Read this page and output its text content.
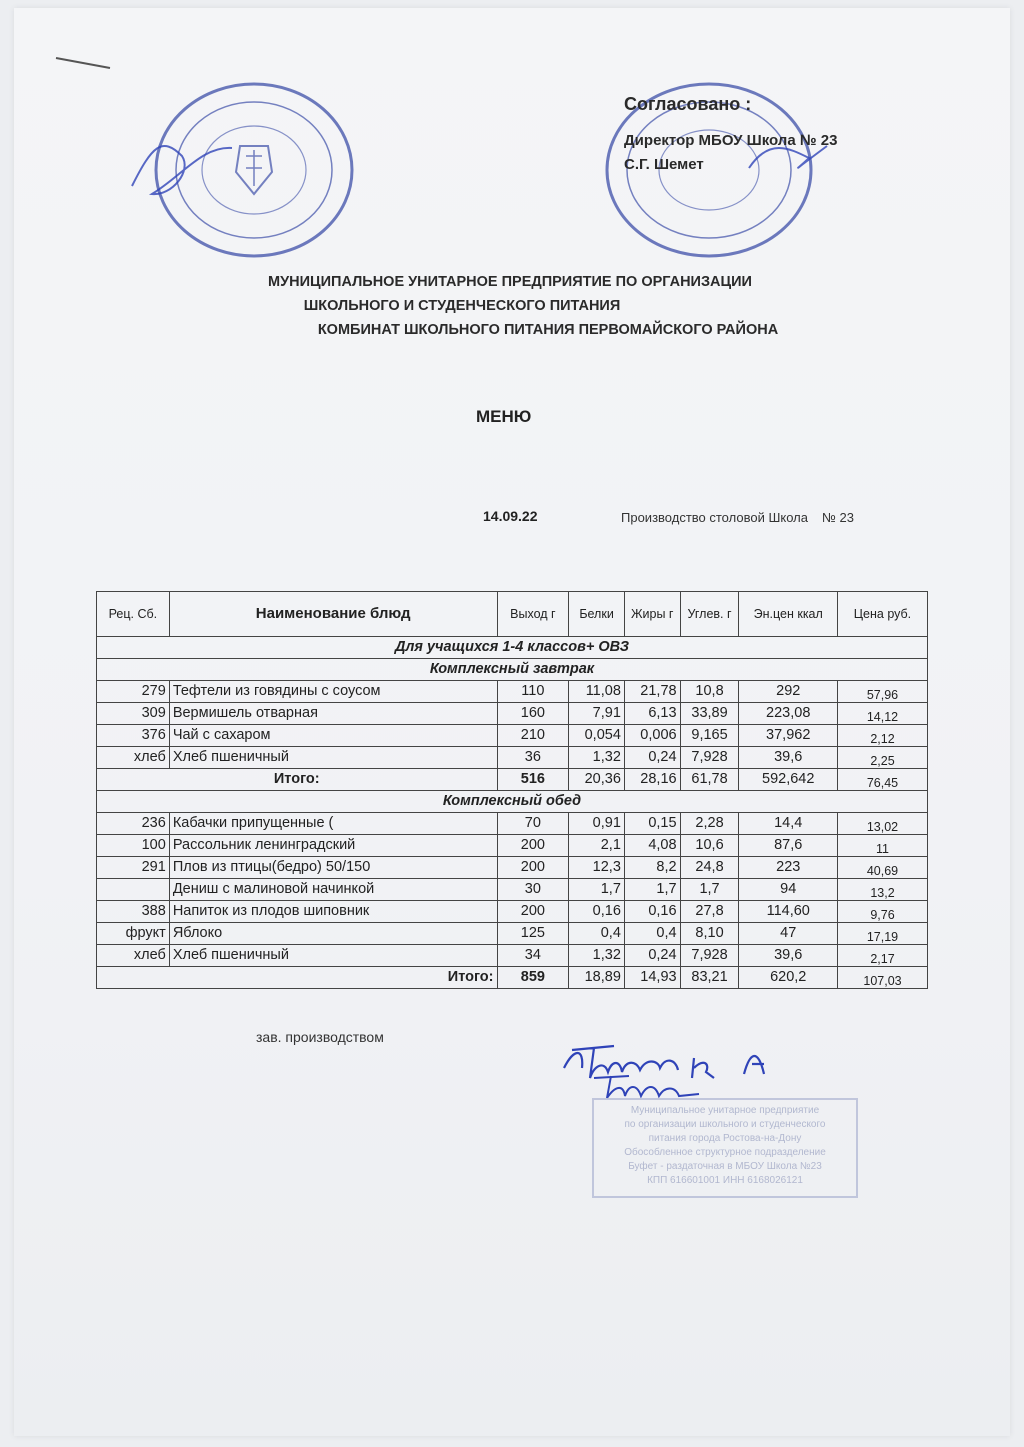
Согласовано :
Директор МБОУ Школа № 23
С.Г. Шемет
МУНИЦИПАЛЬНОЕ УНИТАРНОЕ ПРЕДПРИЯТИЕ ПО ОРГАНИЗАЦИИ
ШКОЛЬНОГО И СТУДЕНЧЕСКОГО ПИТАНИЯ
КОМБИНАТ ШКОЛЬНОГО ПИТАНИЯ ПЕРВОМАЙСКОГО РАЙОНА
МЕНЮ
14.09.22	Производство столовой Школа № 23
Рец. Сб.	Наименование блюд	Выход г	Белки	Жиры г	Углев. г	Эн.цен ккал	Цена руб.
Для учащихся 1-4 классов+ ОВЗ							
Комплексный завтрак							
279	Тефтели из говядины с соусом	110	11,08	21,78	10,8	292	57,96
309	Вермишель отварная	160	7,91	6,13	33,89	223,08	14,12
376	Чай с сахаром	210	0,054	0,006	9,165	37,962	2,12
хлеб	Хлеб пшеничный	36	1,32	0,24	7,928	39,6	2,25
Итого:		516	20,36	28,16	61,78	592,642	76,45
Комплексный обед							
236	Кабачки припущенные (	70	0,91	0,15	2,28	14,4	13,02
100	Рассольник ленинградский	200	2,1	4,08	10,6	87,6	11
291	Плов из птицы(бедро) 50/150	200	12,3	8,2	24,8	223	40,69
	Дениш с малиновой начинкой	30	1,7	1,7	1,7	94	13,2
388	Напиток из плодов шиповник	200	0,16	0,16	27,8	114,60	9,76
фрукт	Яблоко	125	0,4	0,4	8,10	47	17,19
хлеб	Хлеб пшеничный	34	1,32	0,24	7,928	39,6	2,17
Итого:		859	18,89	14,93	83,21	620,2	107,03
зав. производством
Муниципальное унитарное предприятие
по организации школьного и студенческого
питания города Ростова-на-Дону
Обособленное структурное подразделение
Буфет - раздаточная в МБОУ Школа №23
КПП 616601001 ИНН 6168026121
